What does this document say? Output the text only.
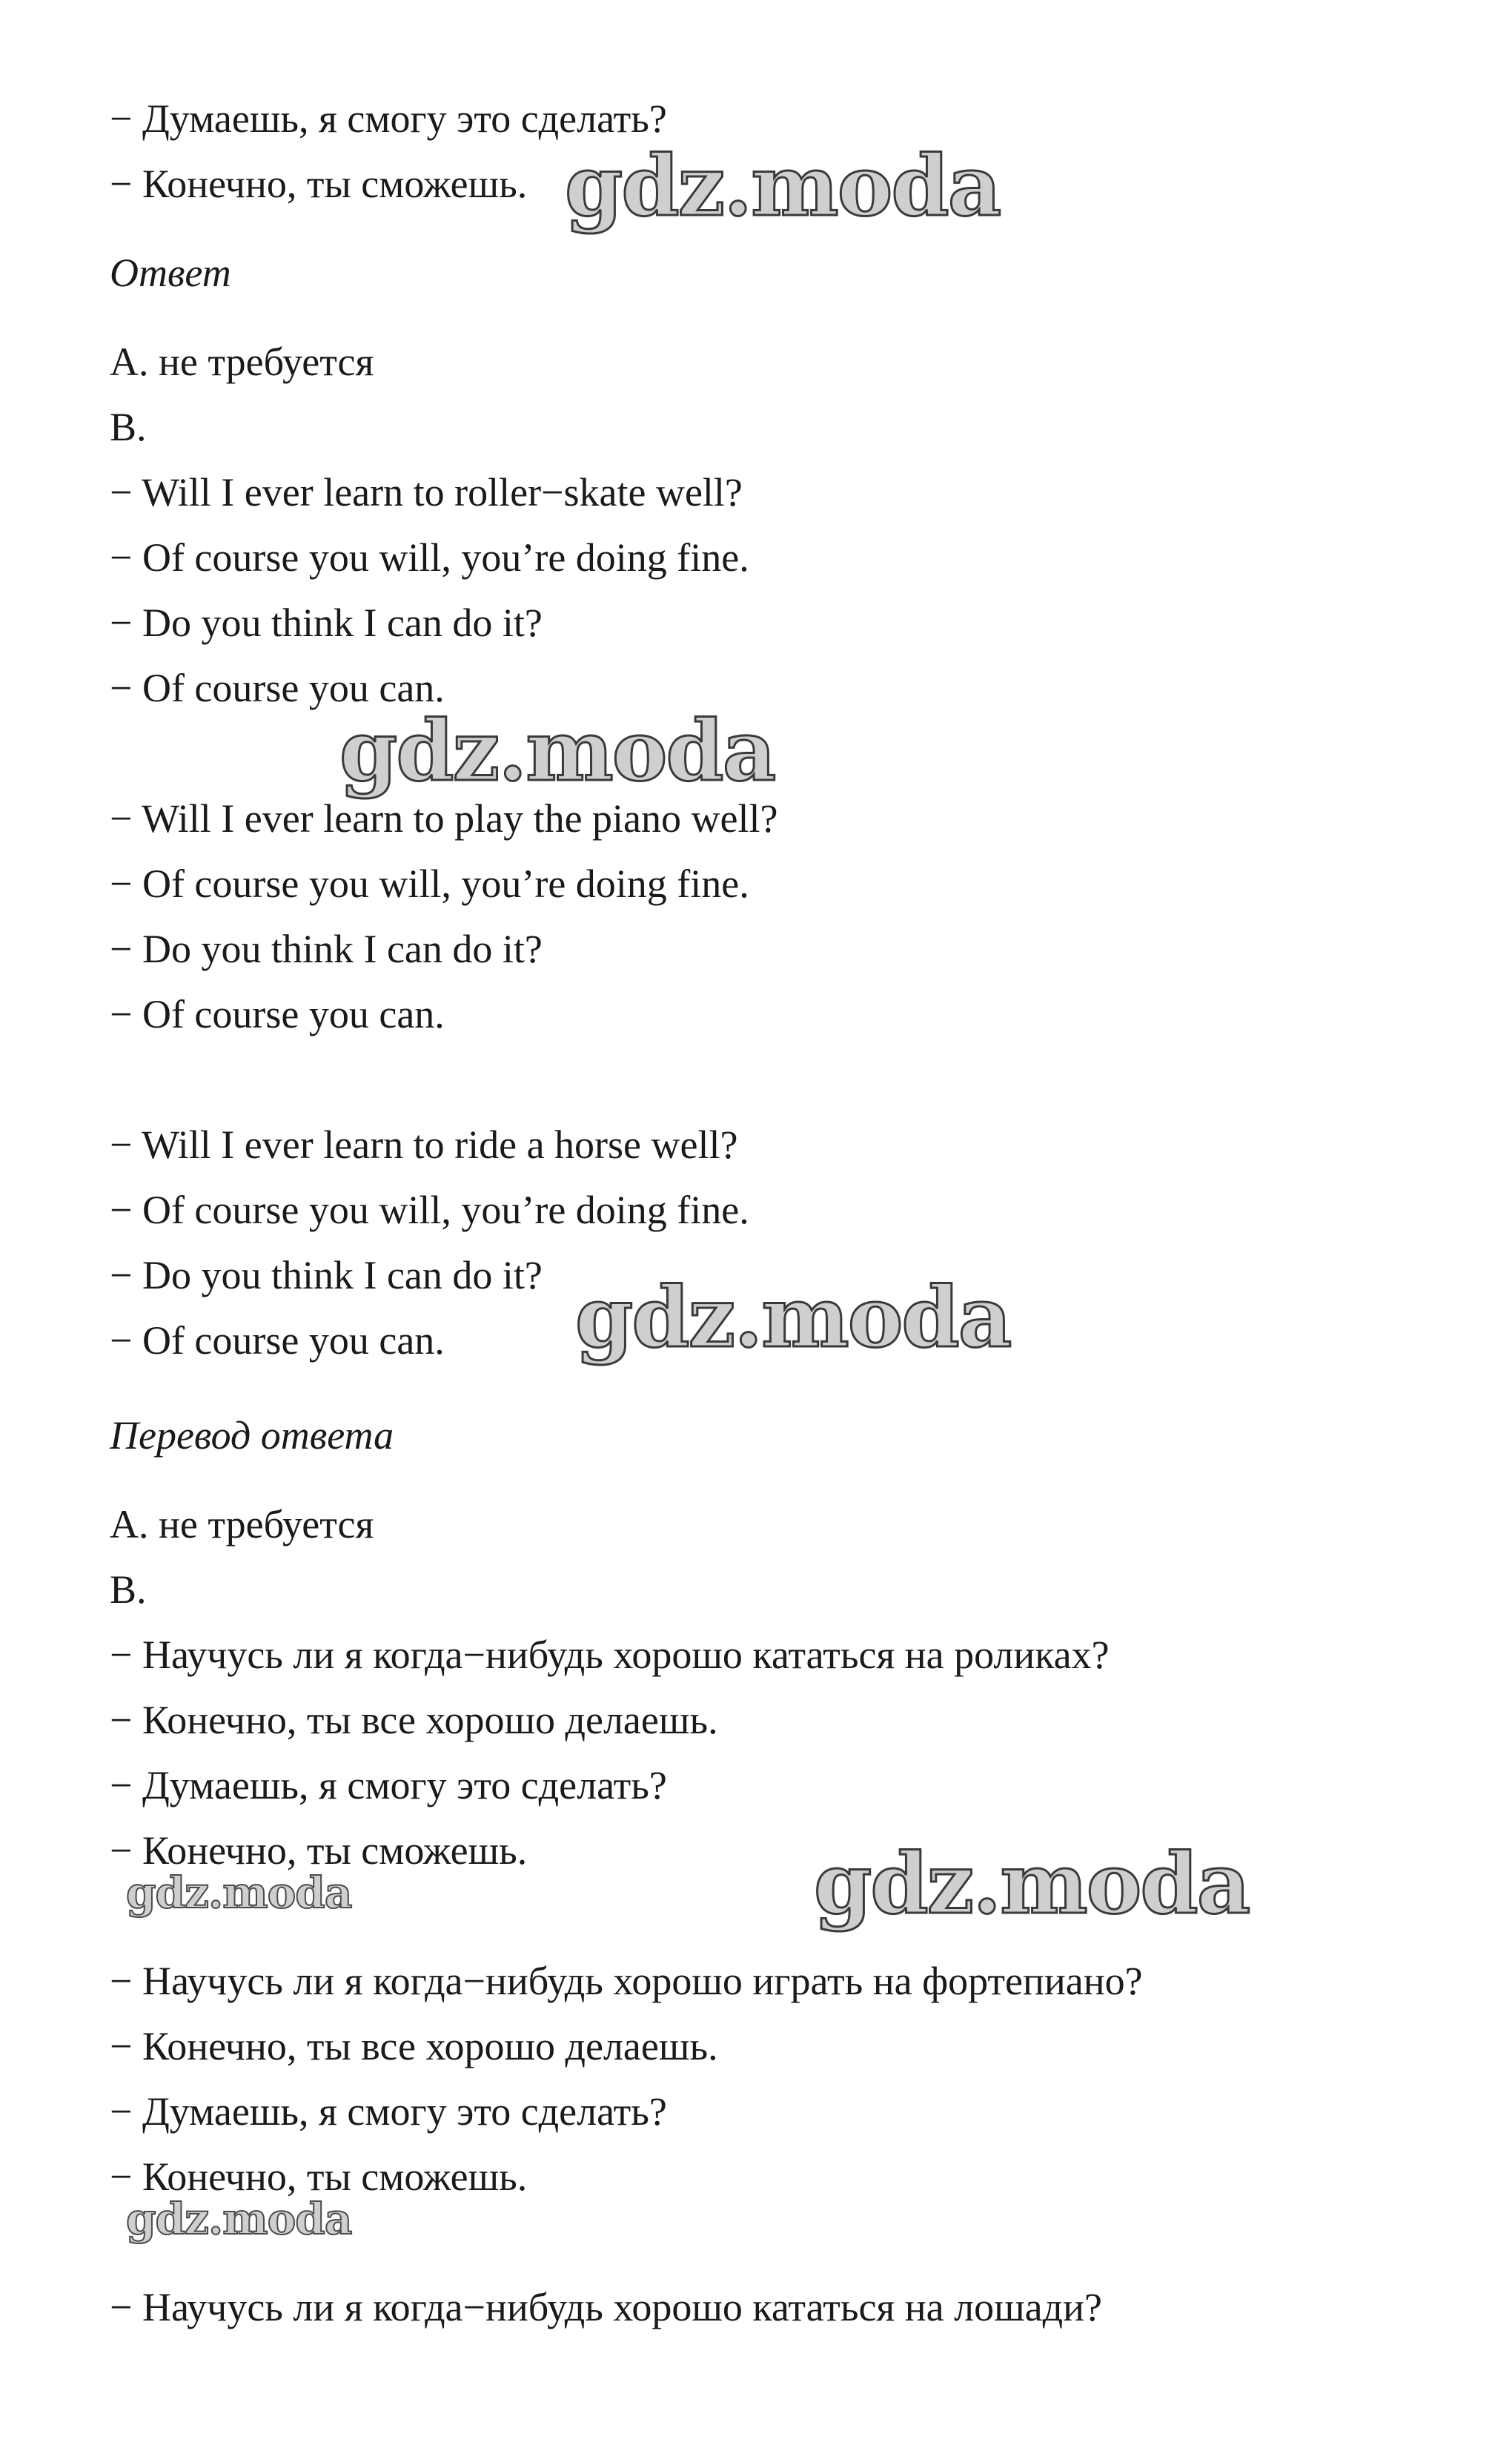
− Думаешь, я смогу это сделать?
− Конечно, ты сможешь.
Ответ
A. не требуется
B.
− Will I ever learn to roller−skate well?
− Of course you will, you’re doing fine.
− Do you think I can do it?
− Of course you can.
− Will I ever learn to play the piano well?
− Of course you will, you’re doing fine.
− Do you think I can do it?
− Of course you can.
− Will I ever learn to ride a horse well?
− Of course you will, you’re doing fine.
− Do you think I can do it?
− Of course you can.
Перевод ответа
A. не требуется
B.
− Научусь ли я когда−нибудь хорошо кататься на роликах?
− Конечно, ты все хорошо делаешь.
− Думаешь, я смогу это сделать?
− Конечно, ты сможешь.
− Научусь ли я когда−нибудь хорошо играть на фортепиано?
− Конечно, ты все хорошо делаешь.
− Думаешь, я смогу это сделать?
− Конечно, ты сможешь.
− Научусь ли я когда−нибудь хорошо кататься на лошади?
gdz.moda
gdz.moda
gdz.moda
gdz.moda
gdz.moda
gdz.moda
